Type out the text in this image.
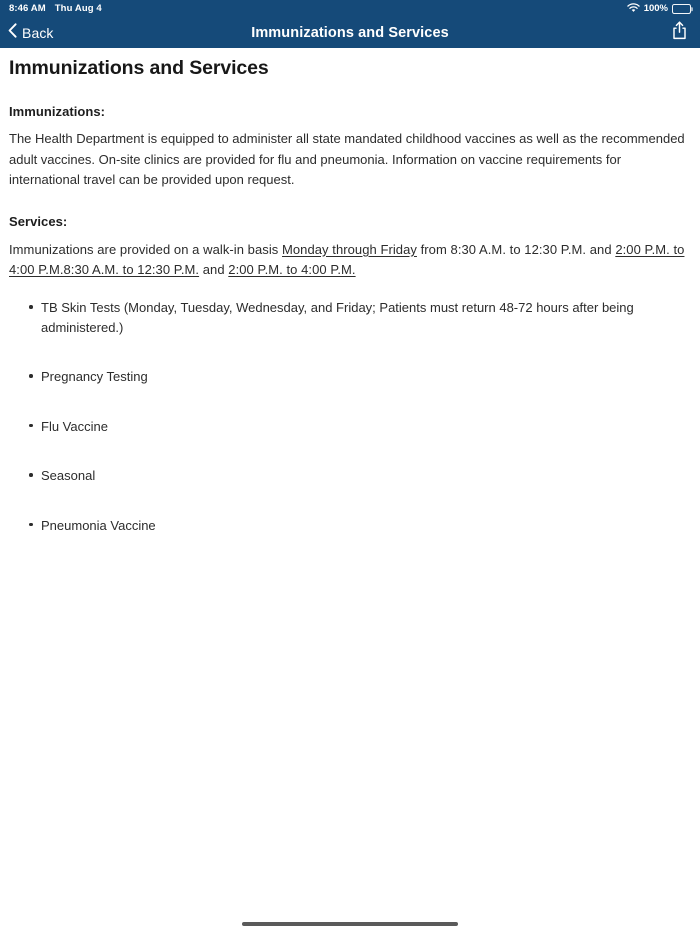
8:46 AM Thu Aug 4	100%
Back	Immunizations and Services
Immunizations and Services
Immunizations:

The Health Department is equipped to administer all state mandated childhood vaccines as well as the recommended adult vaccines. On-site clinics are provided for flu and pneumonia. Information on vaccine requirements for international travel can be provided upon request.

Services:

Immunizations are provided on a walk-in basis Monday through Friday from 8:30 A.M. to 12:30 P.M. and 2:00 P.M. to 4:00 P.M.8:30 A.M. to 12:30 P.M. and 2:00 P.M. to 4:00 P.M.

TB Skin Tests (Monday, Tuesday, Wednesday, and Friday; Patients must return 48-72 hours after being administered.)
Pregnancy Testing
Flu Vaccine
Seasonal
Pneumonia Vaccine
